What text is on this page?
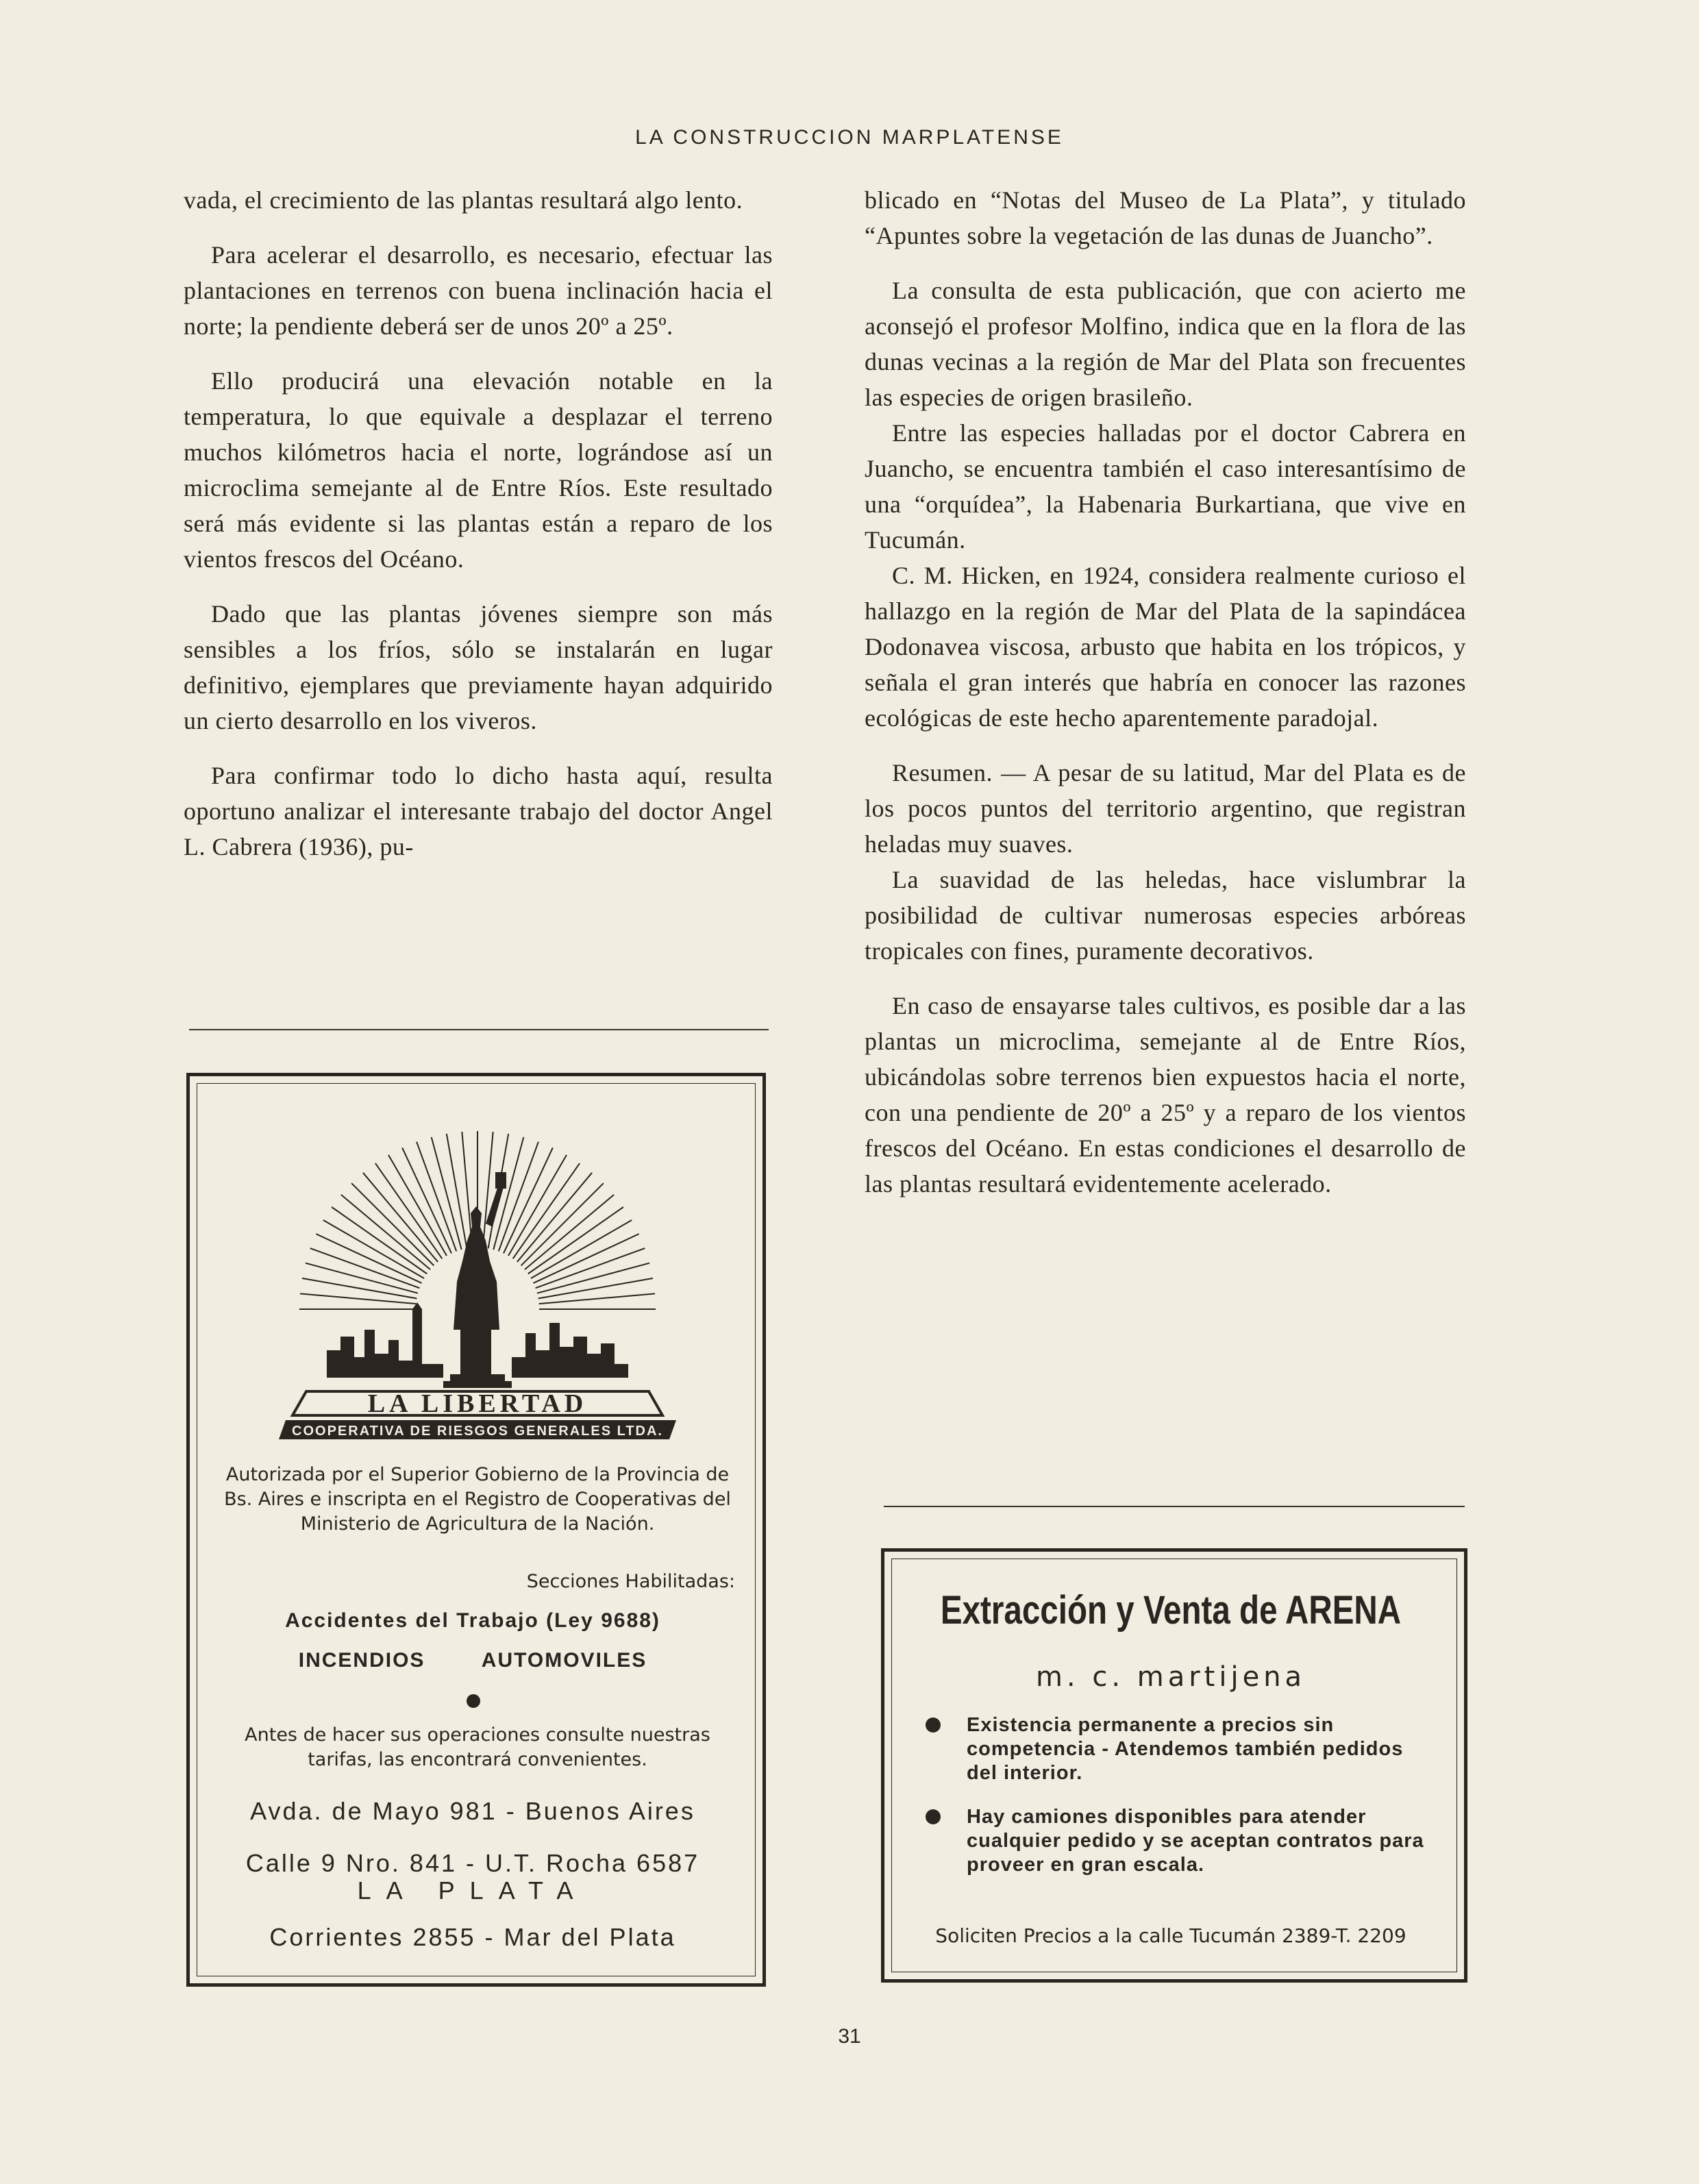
LA CONSTRUCCION MARPLATENSE

vada, el crecimiento de las plantas resultará algo lento.

Para acelerar el desarrollo, es necesario, efectuar las plantaciones en terrenos con buena inclinación hacia el norte; la pendiente deberá ser de unos 20º a 25º.

Ello producirá una elevación notable en la temperatura, lo que equivale a desplazar el terreno muchos kilómetros hacia el norte, lográndose así un microclima semejante al de Entre Ríos. Este resultado será más evidente si las plantas están a reparo de los vientos frescos del Océano.

Dado que las plantas jóvenes siempre son más sensibles a los fríos, sólo se instalarán en lugar definitivo, ejemplares que previamente hayan adquirido un cierto desarrollo en los viveros.

Para confirmar todo lo dicho hasta aquí, resulta oportuno analizar el interesante trabajo del doctor Angel L. Cabrera (1936), pu-

blicado en “Notas del Museo de La Plata”, y titulado “Apuntes sobre la vegetación de las dunas de Juancho”.

La consulta de esta publicación, que con acierto me aconsejó el profesor Molfino, indica que en la flora de las dunas vecinas a la región de Mar del Plata son frecuentes las especies de origen brasileño.

Entre las especies halladas por el doctor Cabrera en Juancho, se encuentra también el caso interesantísimo de una “orquídea”, la Habenaria Burkartiana, que vive en Tucumán.

C. M. Hicken, en 1924, considera realmente curioso el hallazgo en la región de Mar del Plata de la sapindácea Dodonavea viscosa, arbusto que habita en los trópicos, y señala el gran interés que habría en conocer las razones ecológicas de este hecho aparentemente paradojal.

Resumen. — A pesar de su latitud, Mar del Plata es de los pocos puntos del territorio argentino, que registran heladas muy suaves.

La suavidad de las heledas, hace vislumbrar la posibilidad de cultivar numerosas especies arbóreas tropicales con fines, puramente decorativos.

En caso de ensayarse tales cultivos, es posible dar a las plantas un microclima, semejante al de Entre Ríos, ubicándolas sobre terrenos bien expuestos hacia el norte, con una pendiente de 20º a 25º y a reparo de los vientos frescos del Océano. En estas condiciones el desarrollo de las plantas resultará evidentemente acelerado.

LA LIBERTAD
COOPERATIVA DE RIESGOS GENERALES LTDA.
Autorizada por el Superior Gobierno de la Provincia de Bs. Aires e inscripta en el Registro de Cooperativas del Ministerio de Agricultura de la Nación.
Secciones Habilitadas:
Accidentes del Trabajo (Ley 9688)
INCENDIOS	AUTOMOVILES
Antes de hacer sus operaciones consulte nuestras tarifas, las encontrará convenientes.
Avda. de Mayo 981 - Buenos Aires
Calle 9 Nro. 841 - U.T. Rocha 6587
LA PLATA
Corrientes 2855 - Mar del Plata
Extracción y Venta de ARENA
m. c. martijena
Existencia permanente a precios sin competencia - Atendemos también pedidos del interior.
Hay camiones disponibles para atender cualquier pedido y se aceptan contratos para proveer en gran escala.
Soliciten Precios a la calle Tucumán 2389-T. 2209
31
